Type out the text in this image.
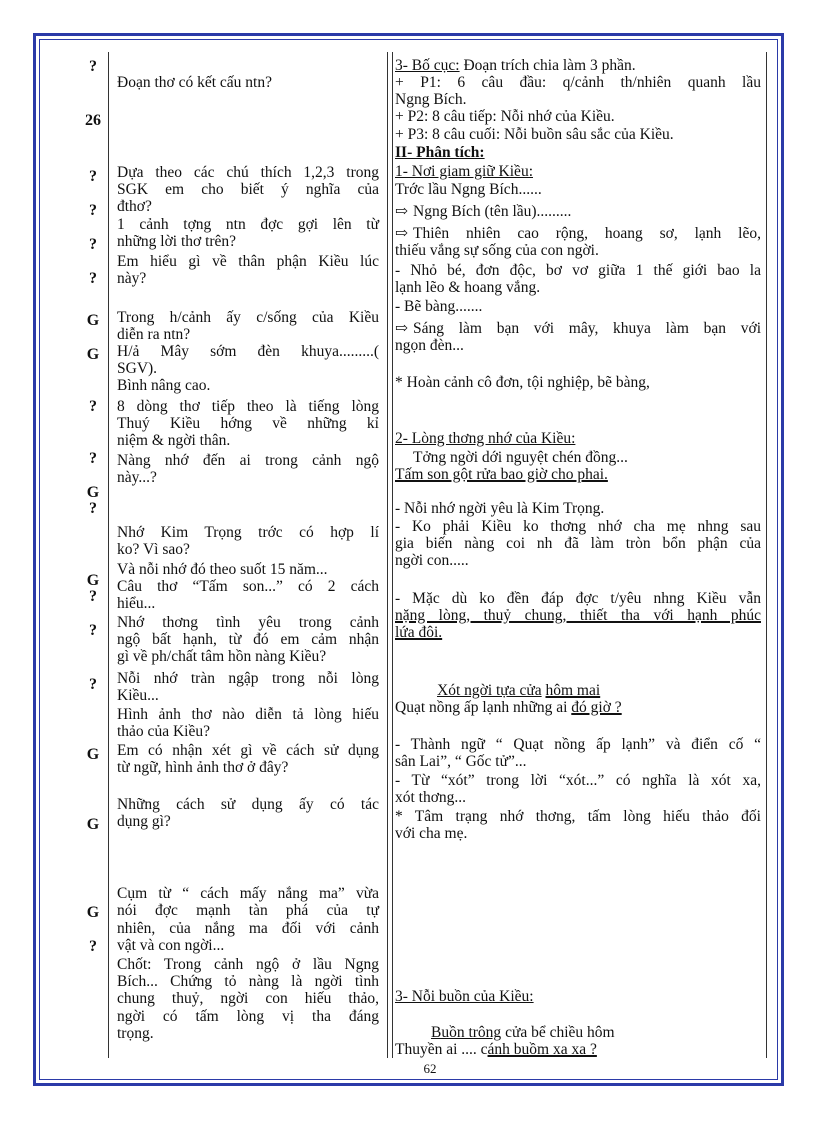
?
26
?
?
?
?
G
G
?
?
G
?
G
?
?
?
G
G
G
?
Đoạn thơ có kết cấu ntn?
Dựa theo các chú thích 1,2,3 trong
SGK em cho biết ý nghĩa của
đthơ?
1 cảnh tợng ntn đợc gợi lên từ
những lời thơ trên?
Em hiểu gì về thân phận Kiều lúc
này?
Trong h/cảnh ấy c/sống của Kiều
diễn ra ntn?
H/ả Mây sớm đèn khuya.........(
SGV).
Bình nâng cao.
8 dòng thơ tiếp theo là tiếng lòng
Thuý Kiều hớng về những kỉ
niệm & ngời thân.
Nàng nhớ đến ai trong cảnh ngộ
này...?
Nhớ Kim Trọng trớc có hợp lí
ko? Vì sao?
Và nỗi nhớ đó theo suốt 15 năm...
Câu thơ “Tấm son...” có 2 cách
hiểu...
Nhớ thơng tình yêu trong cảnh
ngộ bất hạnh, từ đó em cảm nhận
gì về ph/chất tâm hồn nàng Kiều?
Nỗi nhớ tràn ngập trong nỗi lòng
Kiều...
Hình ảnh thơ nào diễn tả lòng hiếu
thảo của Kiều?
Em có nhận xét gì về cách sử dụng
từ ngữ, hình ảnh thơ ở đây?
Những cách sử dụng ấy có tác
dụng gì?
Cụm từ “ cách mấy nắng ma” vừa
nói đợc mạnh tàn phá của tự
nhiên, của nắng ma đối với cảnh
vật và con ngời...
Chốt: Trong cảnh ngộ ở lầu Ngng
Bích... Chứng tỏ nàng là ngời tình
chung thuỷ, ngời con hiếu thảo,
ngời có tấm lòng vị tha đáng
trọng.
3- Bố cục: Đoạn trích chia làm 3 phần.
+ P1: 6 câu đầu: q/cảnh th/nhiên quanh lầu
Ngng Bích.
+ P2: 8 câu tiếp: Nỗi nhớ của Kiều.
+ P3: 8 câu cuối: Nỗi buồn sâu sắc của Kiều.
II- Phân tích:
1- Nơi giam giữ Kiều:
Trớc lầu Ngng Bích......
⇨ Ngng Bích (tên lầu).........
⇨ Thiên nhiên cao rộng, hoang sơ, lạnh lẽo,
thiếu vắng sự sống của con ngời.
- Nhỏ bé, đơn độc, bơ vơ giữa 1 thế giới bao la
lạnh lẽo & hoang vắng.
- Bẽ bàng.......
⇨ Sáng làm bạn với mây, khuya làm bạn với
ngọn đèn...
* Hoàn cảnh cô đơn, tội nghiệp, bẽ bàng,
2- Lòng thơng nhớ của Kiều:
Tởng ngời dới nguyệt chén đồng...
Tấm son gột rửa bao giờ cho phai.
- Nỗi nhớ ngời yêu là Kim Trọng.
- Ko phải Kiều ko thơng nhớ cha mẹ nhng sau
gia biến nàng coi nh đã làm tròn bổn phận của
ngời con.....
- Mặc dù ko đền đáp đợc t/yêu nhng Kiều vẫn
nặng lòng, thuỷ chung, thiết tha với hạnh phúc
lứa đôi.
Xót ngời tựa cửa hôm mai
Quạt nồng ấp lạnh những ai đó giờ ?
- Thành ngữ “ Quạt nồng ấp lạnh” và điển cố “
sân Lai”, “ Gốc tử”...
- Từ “xót” trong lời “xót...” có nghĩa là xót xa,
xót thơng...
* Tâm trạng nhớ thơng, tấm lòng hiếu thảo đối
với cha mẹ.
3- Nỗi buồn của Kiều:
Buồn trông cửa bể chiều hôm
Thuyền ai .... cánh buồm xa xa ?
62
